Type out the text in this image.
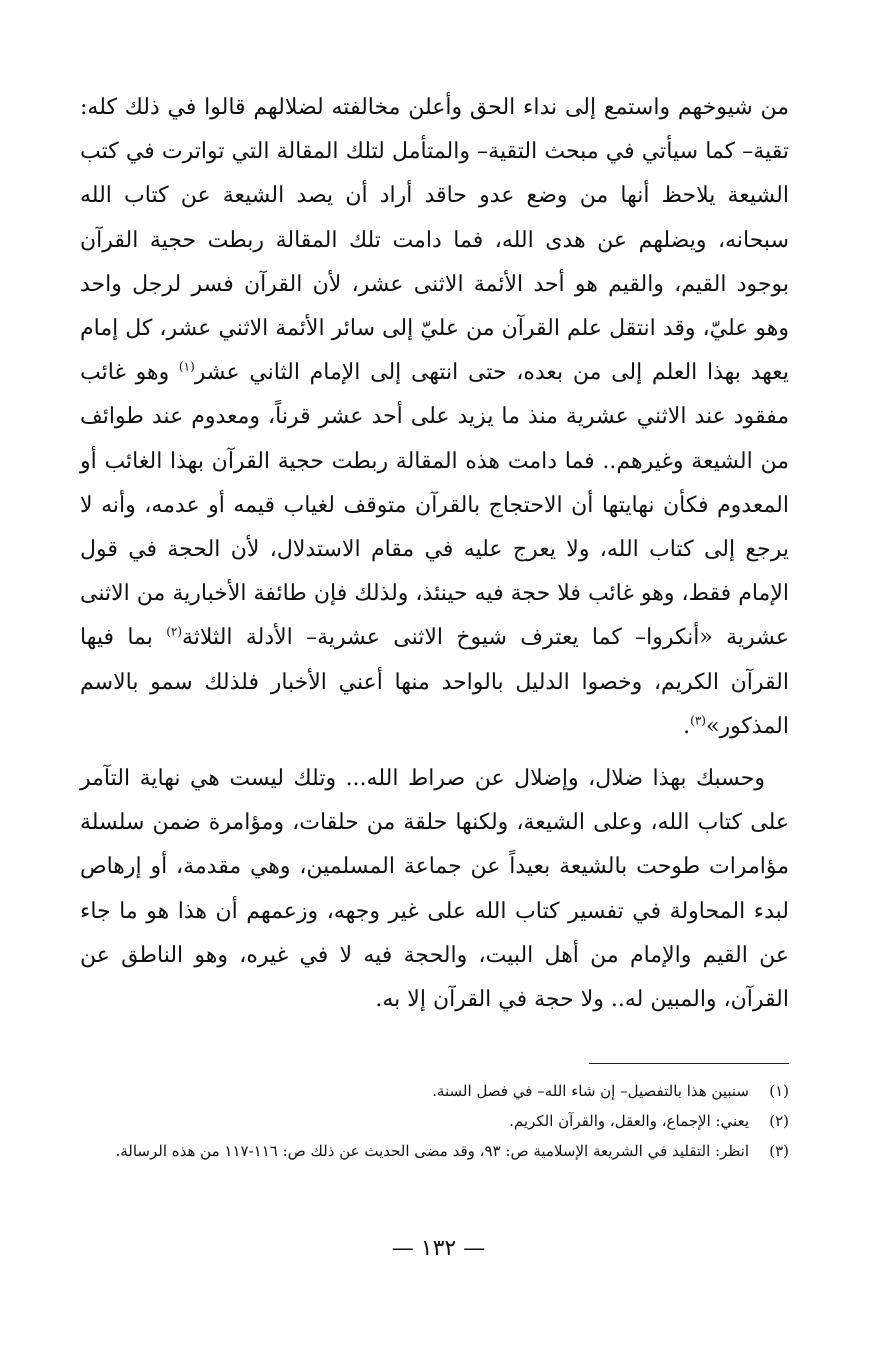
من شيوخهم واستمع إلى نداء الحق وأعلن مخالفته لضلالهم قالوا في ذلك كله: تقية– كما سيأتي في مبحث التقية– والمتأمل لتلك المقالة التي تواترت في كتب الشيعة يلاحظ أنها من وضع عدو حاقد أراد أن يصد الشيعة عن كتاب الله سبحانه، ويضلهم عن هدى الله، فما دامت تلك المقالة ربطت حجية القرآن بوجود القيم، والقيم هو أحد الأئمة الاثنى عشر، لأن القرآن فسر لرجل واحد وهو عليّ، وقد انتقل علم القرآن من عليّ إلى سائر الأئمة الاثني عشر، كل إمام يعهد بهذا العلم إلى من بعده، حتى انتهى إلى الإمام الثاني عشر$^{(١)}$ وهو غائب مفقود عند الاثني عشرية منذ ما يزيد على أحد عشر قرناً، ومعدوم عند طوائف من الشيعة وغيرهم.. فما دامت هذه المقالة ربطت حجية القرآن بهذا الغائب أو المعدوم فكأن نهايتها أن الاحتجاج بالقرآن متوقف لغياب قيمه أو عدمه، وأنه لا يرجع إلى كتاب الله، ولا يعرج عليه في مقام الاستدلال، لأن الحجة في قول الإمام فقط، وهو غائب فلا حجة فيه حينئذ، ولذلك فإن طائفة الأخبارية من الاثنى عشرية «أنكروا– كما يعترف شيوخ الاثنى عشرية– الأدلة الثلاثة$^{(٢)}$ بما فيها القرآن الكريم، وخصوا الدليل بالواحد منها أعني الأخبار فلذلك سمو بالاسم المذكور»$^{(٣)}$.

وحسبك بهذا ضلال، وإضلال عن صراط الله... وتلك ليست هي نهاية التآمر على كتاب الله، وعلى الشيعة، ولكنها حلقة من حلقات، ومؤامرة ضمن سلسلة مؤامرات طوحت بالشيعة بعيداً عن جماعة المسلمين، وهي مقدمة، أو إرهاص لبدء المحاولة في تفسير كتاب الله على غير وجهه، وزعمهم أن هذا هو ما جاء عن القيم والإمام من أهل البيت، والحجة فيه لا في غيره، وهو الناطق عن القرآن، والمبين له.. ولا حجة في القرآن إلا به.

(١)
سنبين هذا بالتفصيل– إن شاء الله– في فصل السنة.
(٢)
يعني: الإجماع، والعقل، والقرآن الكريم.
(٣)
انظر: التقليد في الشريعة الإسلامية ص: ٩٣، وقد مضى الحديث عن ذلك ص: ١١٦-١١٧ من هذه الرسالة.
— ١٣٢ —
